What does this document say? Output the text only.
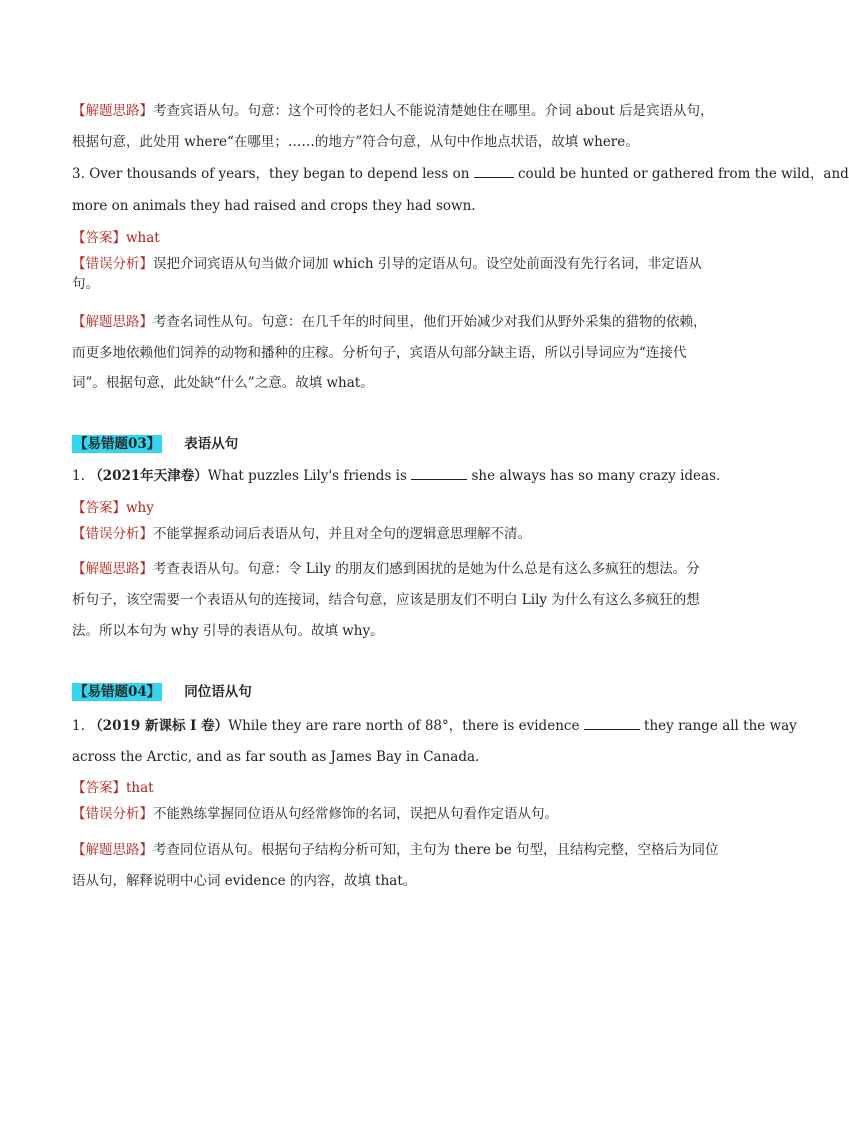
【解题思路】考查宾语从句。句意：这个可怜的老妇人不能说清楚她住在哪里。介词 about 后是宾语从句，
根据句意，此处用 where“在哪里；……的地方”符合句意，从句中作地点状语，故填 where。
3. Over thousands of years，they began to depend less on	could be hunted or gathered from the wild，and
more on animals they had raised and crops they had sown.
【答案】what
【错误分析】误把介词宾语从句当做介词加 which 引导的定语从句。设空处前面没有先行名词，非定语从
句。
【解题思路】考查名词性从句。句意：在几千年的时间里，他们开始减少对我们从野外采集的猎物的依赖，
而更多地依赖他们饲养的动物和播种的庄稼。分析句子，宾语从句部分缺主语，所以引导词应为“连接代
词”。根据句意，此处缺“什么”之意。故填 what。
【易错题03】 表语从句
1. （2021年天津卷）What puzzles Lily's friends is	she always has so many crazy ideas.
【答案】why
【错误分析】不能掌握系动词后表语从句，并且对全句的逻辑意思理解不清。
【解题思路】考查表语从句。句意：令 Lily 的朋友们感到困扰的是她为什么总是有这么多疯狂的想法。分
析句子，该空需要一个表语从句的连接词，结合句意，应该是朋友们不明白 Lily 为什么有这么多疯狂的想
法。所以本句为 why 引导的表语从句。故填 why。
【易错题04】 同位语从句
1. （2019 新课标 I 卷）While they are rare north of 88°，there is evidence	they range all the way
across the Arctic, and as far south as James Bay in Canada.
【答案】that
【错误分析】不能熟练掌握同位语从句经常修饰的名词，误把从句看作定语从句。
【解题思路】考查同位语从句。根据句子结构分析可知，主句为 there be 句型，且结构完整，空格后为同位
语从句，解释说明中心词 evidence 的内容，故填 that。
